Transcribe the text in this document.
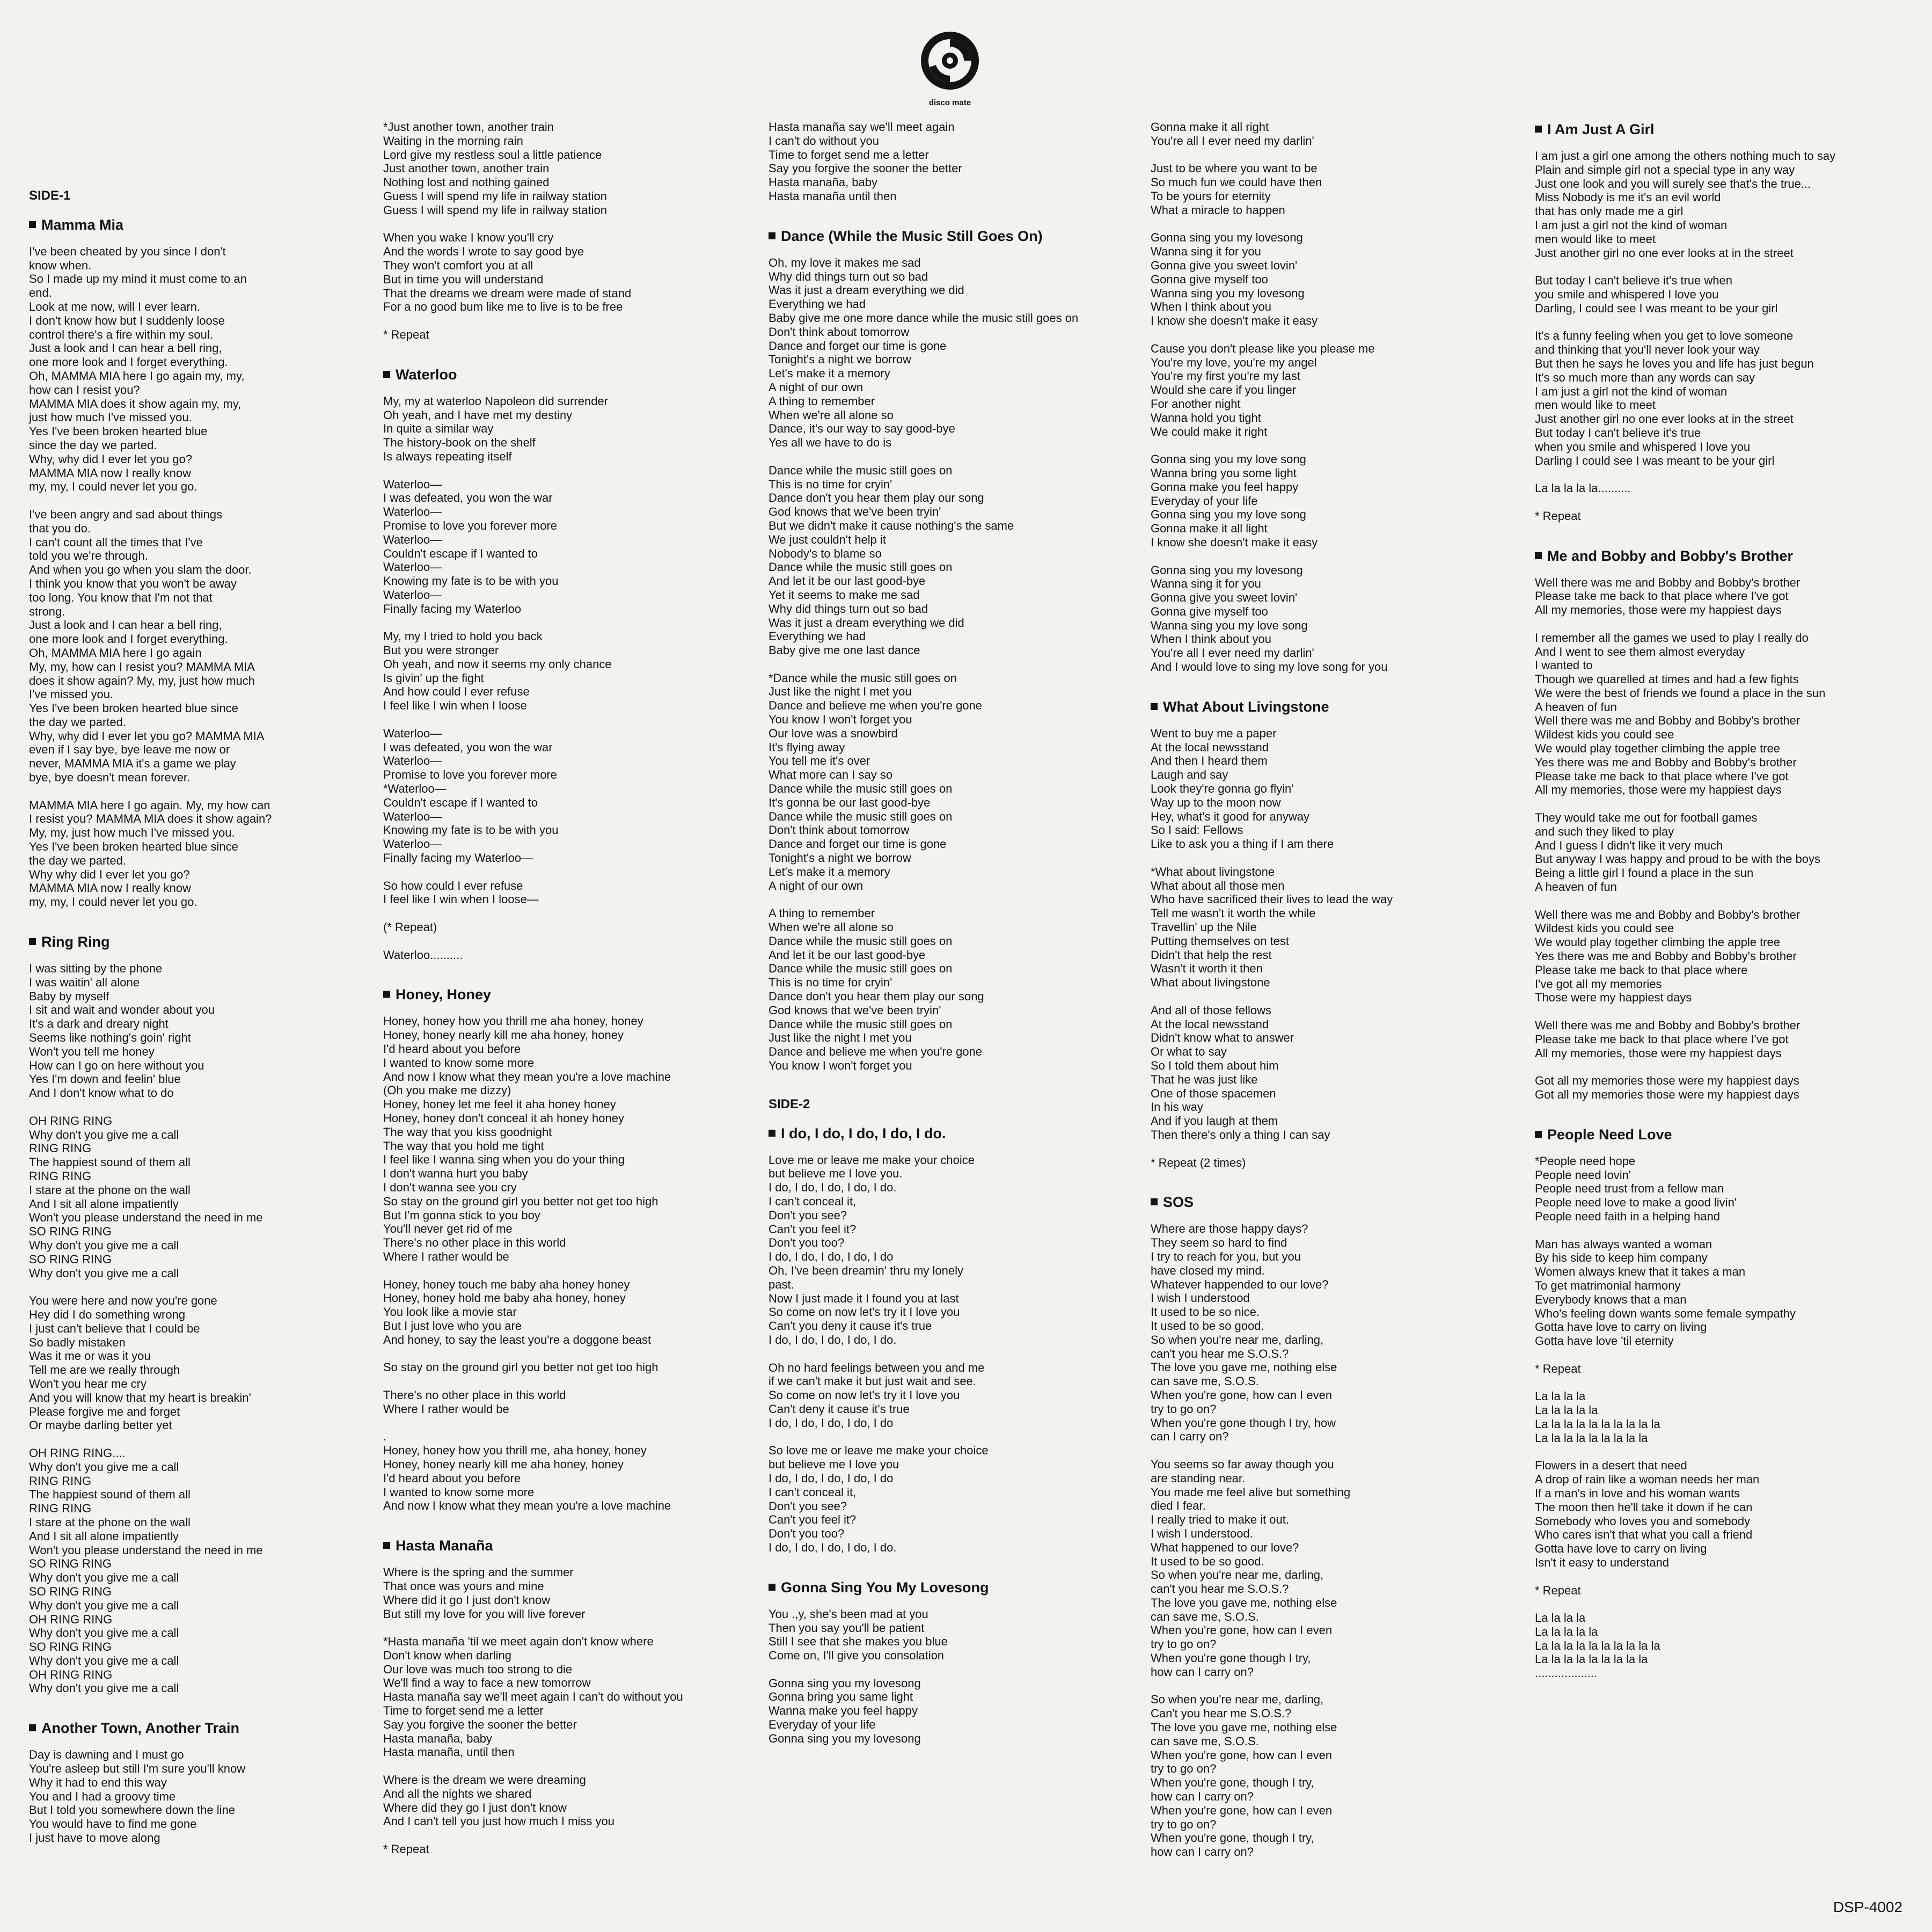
disco mate
SIDE-1
Mamma Mia
I've been cheated by you since I don't
know when.
So I made up my mind it must come to an
end.
Look at me now, will I ever learn.
I don't know how but I suddenly loose
control there's a fire within my soul.
Just a look and I can hear a bell ring,
one more look and I forget everything.
Oh, MAMMA MIA here I go again my, my,
how can I resist you?
MAMMA MIA does it show again my, my,
just how much I've missed you.
Yes I've been broken hearted blue
since the day we parted.
Why, why did I ever let you go?
MAMMA MIA now I really know
my, my, I could never let you go.
I've been angry and sad about things
that you do.
I can't count all the times that I've
told you we're through.
And when you go when you slam the door.
I think you know that you won't be away
too long. You know that I'm not that
strong.
Just a look and I can hear a bell ring,
one more look and I forget everything.
Oh, MAMMA MIA here I go again
My, my, how can I resist you? MAMMA MIA
does it show again? My, my, just how much
I've missed you.
Yes I've been broken hearted blue since
the day we parted.
Why, why did I ever let you go? MAMMA MIA
even if I say bye, bye leave me now or
never, MAMMA MIA it's a game we play
bye, bye doesn't mean forever.
MAMMA MIA here I go again. My, my how can
I resist you? MAMMA MIA does it show again?
My, my, just how much I've missed you.
Yes I've been broken hearted blue since
the day we parted.
Why why did I ever let you go?
MAMMA MIA now I really know
my, my, I could never let you go.
Ring Ring
I was sitting by the phone
I was waitin' all alone
Baby by myself
I sit and wait and wonder about you
It's a dark and dreary night
Seems like nothing's goin' right
Won't you tell me honey
How can I go on here without you
Yes I'm down and feelin' blue
And I don't know what to do
OH RING RING
Why don't you give me a call
RING RING
The happiest sound of them all
RING RING
I stare at the phone on the wall
And I sit all alone impatiently
Won't you please understand the need in me
SO RING RING
Why don't you give me a call
SO RING RING
Why don't you give me a call
You were here and now you're gone
Hey did I do something wrong
I just can't believe that I could be
So badly mistaken
Was it me or was it you
Tell me are we really through
Won't you hear me cry
And you will know that my heart is breakin'
Please forgive me and forget
Or maybe darling better yet
OH RING RING....
Why don't you give me a call
RING RING
The happiest sound of them all
RING RING
I stare at the phone on the wall
And I sit all alone impatiently
Won't you please understand the need in me
SO RING RING
Why don't you give me a call
SO RING RING
Why don't you give me a call
OH RING RING
Why don't you give me a call
SO RING RING
Why don't you give me a call
OH RING RING
Why don't you give me a call
Another Town, Another Train
Day is dawning and I must go
You're asleep but still I'm sure you'll know
Why it had to end this way
You and I had a groovy time
But I told you somewhere down the line
You would have to find me gone
I just have to move along
*Just another town, another train
Waiting in the morning rain
Lord give my restless soul a little patience
Just another town, another train
Nothing lost and nothing gained
Guess I will spend my life in railway station
Guess I will spend my life in railway station
When you wake I know you'll cry
And the words I wrote to say good bye
They won't comfort you at all
But in time you will understand
That the dreams we dream were made of stand
For a no good bum like me to live is to be free
* Repeat
Waterloo
My, my at waterloo Napoleon did surrender
Oh yeah, and I have met my destiny
In quite a similar way
The history-book on the shelf
Is always repeating itself
Waterloo—
I was defeated, you won the war
Waterloo—
Promise to love you forever more
Waterloo—
Couldn't escape if I wanted to
Waterloo—
Knowing my fate is to be with you
Waterloo—
Finally facing my Waterloo
My, my I tried to hold you back
But you were stronger
Oh yeah, and now it seems my only chance
Is givin' up the fight
And how could I ever refuse
I feel like I win when I loose
Waterloo—
I was defeated, you won the war
Waterloo—
Promise to love you forever more
*Waterloo—
Couldn't escape if I wanted to
Waterloo—
Knowing my fate is to be with you
Waterloo—
Finally facing my Waterloo—
So how could I ever refuse
I feel like I win when I loose—
(* Repeat)
Waterloo..........
Honey, Honey
Honey, honey how you thrill me aha honey, honey
Honey, honey nearly kill me aha honey, honey
I'd heard about you before
I wanted to know some more
And now I know what they mean you're a love machine
(Oh you make me dizzy)
Honey, honey let me feel it aha honey honey
Honey, honey don't conceal it ah honey honey
The way that you kiss goodnight
The way that you hold me tight
I feel like I wanna sing when you do your thing
I don't wanna hurt you baby
I don't wanna see you cry
So stay on the ground girl you better not get too high
But I'm gonna stick to you boy
You'll never get rid of me
There's no other place in this world
Where I rather would be
Honey, honey touch me baby aha honey honey
Honey, honey hold me baby aha honey, honey
You look like a movie star
But I just love who you are
And honey, to say the least you're a doggone beast
So stay on the ground girl you better not get too high
There's no other place in this world
Where I rather would be
.
Honey, honey how you thrill me, aha honey, honey
Honey, honey nearly kill me aha honey, honey
I'd heard about you before
I wanted to know some more
And now I know what they mean you're a love machine
Hasta Manaña
Where is the spring and the summer
That once was yours and mine
Where did it go I just don't know
But still my love for you will live forever
*Hasta manaña 'til we meet again don't know where
Don't know when darling
Our love was much too strong to die
We'll find a way to face a new tomorrow
Hasta manaña say we'll meet again I can't do without you
Time to forget send me a letter
Say you forgive the sooner the better
Hasta manaña, baby
Hasta manaña, until then
Where is the dream we were dreaming
And all the nights we shared
Where did they go I just don't know
And I can't tell you just how much I miss you
* Repeat
Hasta manaña say we'll meet again
I can't do without you
Time to forget send me a letter
Say you forgive the sooner the better
Hasta manaña, baby
Hasta manaña until then
Dance (While the Music Still Goes On)
Oh, my love it makes me sad
Why did things turn out so bad
Was it just a dream everything we did
Everything we had
Baby give me one more dance while the music still goes on
Don't think about tomorrow
Dance and forget our time is gone
Tonight's a night we borrow
Let's make it a memory
A night of our own
A thing to remember
When we're all alone so
Dance, it's our way to say good-bye
Yes all we have to do is
Dance while the music still goes on
This is no time for cryin'
Dance don't you hear them play our song
God knows that we've been tryin'
But we didn't make it cause nothing's the same
We just couldn't help it
Nobody's to blame so
Dance while the music still goes on
And let it be our last good-bye
Yet it seems to make me sad
Why did things turn out so bad
Was it just a dream everything we did
Everything we had
Baby give me one last dance
*Dance while the music still goes on
Just like the night I met you
Dance and believe me when you're gone
You know I won't forget you
Our love was a snowbird
It's flying away
You tell me it's over
What more can I say so
Dance while the music still goes on
It's gonna be our last good-bye
Dance while the music still goes on
Don't think about tomorrow
Dance and forget our time is gone
Tonight's a night we borrow
Let's make it a memory
A night of our own
A thing to remember
When we're all alone so
Dance while the music still goes on
And let it be our last good-bye
Dance while the music still goes on
This is no time for cryin'
Dance don't you hear them play our song
God knows that we've been tryin'
Dance while the music still goes on
Just like the night I met you
Dance and believe me when you're gone
You know I won't forget you
SIDE-2
I do, I do, I do, I do, I do.
Love me or leave me make your choice
but believe me I love you.
I do, I do, I do, I do, I do.
I can't conceal it,
Don't you see?
Can't you feel it?
Don't you too?
I do, I do, I do, I do, I do
Oh, I've been dreamin' thru my lonely
past.
Now I just made it I found you at last
So come on now let's try it I love you
Can't you deny it cause it's true
I do, I do, I do, I do, I do.
Oh no hard feelings between you and me
if we can't make it but just wait and see.
So come on now let's try it I love you
Can't deny it cause it's true
I do, I do, I do, I do, I do
So love me or leave me make your choice
but believe me I love you
I do, I do, I do, I do, I do
I can't conceal it,
Don't you see?
Can't you feel it?
Don't you too?
I do, I do, I do, I do, I do.
Gonna Sing You My Lovesong
You .,y, she's been mad at you
Then you say you'll be patient
Still I see that she makes you blue
Come on, I'll give you consolation
Gonna sing you my lovesong
Gonna bring you same light
Wanna make you feel happy
Everyday of your life
Gonna sing you my lovesong
Gonna make it all right
You're all I ever need my darlin'
Just to be where you want to be
So much fun we could have then
To be yours for eternity
What a miracle to happen
Gonna sing you my lovesong
Wanna sing it for you
Gonna give you sweet lovin'
Gonna give myself too
Wanna sing you my lovesong
When I think about you
I know she doesn't make it easy
Cause you don't please like you please me
You're my love, you're my angel
You're my first you're my last
Would she care if you linger
For another night
Wanna hold you tight
We could make it right
Gonna sing you my love song
Wanna bring you some light
Gonna make you feel happy
Everyday of your life
Gonna sing you my love song
Gonna make it all light
I know she doesn't make it easy
Gonna sing you my lovesong
Wanna sing it for you
Gonna give you sweet lovin'
Gonna give myself too
Wanna sing you my love song
When I think about you
You're all I ever need my darlin'
And I would love to sing my love song for you
What About Livingstone
Went to buy me a paper
At the local newsstand
And then I heard them
Laugh and say
Look they're gonna go flyin'
Way up to the moon now
Hey, what's it good for anyway
So I said: Fellows
Like to ask you a thing if I am there
*What about livingstone
What about all those men
Who have sacrificed their lives to lead the way
Tell me wasn't it worth the while
Travellin' up the Nile
Putting themselves on test
Didn't that help the rest
Wasn't it worth it then
What about livingstone
And all of those fellows
At the local newsstand
Didn't know what to answer
Or what to say
So I told them about him
That he was just like
One of those spacemen
In his way
And if you laugh at them
Then there's only a thing I can say
* Repeat (2 times)
SOS
Where are those happy days?
They seem so hard to find
I try to reach for you, but you
have closed my mind.
Whatever happended to our love?
I wish I understood
It used to be so nice.
It used to be so good.
So when you're near me, darling,
can't you hear me S.O.S.?
The love you gave me, nothing else
can save me, S.O.S.
When you're gone, how can I even
try to go on?
When you're gone though I try, how
can I carry on?
You seems so far away though you
are standing near.
You made me feel alive but something
died I fear.
I really tried to make it out.
I wish I understood.
What happened to our love?
It used to be so good.
So when you're near me, darling,
can't you hear me S.O.S.?
The love you gave me, nothing else
can save me, S.O.S.
When you're gone, how can I even
try to go on?
When you're gone though I try,
how can I carry on?
So when you're near me, darling,
Can't you hear me S.O.S.?
The love you gave me, nothing else
can save me, S.O.S.
When you're gone, how can I even
try to go on?
When you're gone, though I try,
how can I carry on?
When you're gone, how can I even
try to go on?
When you're gone, though I try,
how can I carry on?
I Am Just A Girl
I am just a girl one among the others nothing much to say
Plain and simple girl not a special type in any way
Just one look and you will surely see that's the true...
Miss Nobody is me it's an evil world
that has only made me a girl
I am just a girl not the kind of woman
men would like to meet
Just another girl no one ever looks at in the street
But today I can't believe it's true when
you smile and whispered I love you
Darling, I could see I was meant to be your girl
It's a funny feeling when you get to love someone
and thinking that you'll never look your way
But then he says he loves you and life has just begun
It's so much more than any words can say
I am just a girl not the kind of woman
men would like to meet
Just another girl no one ever looks at in the street
But today I can't believe it's true
when you smile and whispered I love you
Darling I could see I was meant to be your girl
La la la la la..........
* Repeat
Me and Bobby and Bobby's Brother
Well there was me and Bobby and Bobby's brother
Please take me back to that place where I've got
All my memories, those were my happiest days
I remember all the games we used to play I really do
And I went to see them almost everyday
I wanted to
Though we quarelled at times and had a few fights
We were the best of friends we found a place in the sun
A heaven of fun
Well there was me and Bobby and Bobby's brother
Wildest kids you could see
We would play together climbing the apple tree
Yes there was me and Bobby and Bobby's brother
Please take me back to that place where I've got
All my memories, those were my happiest days
They would take me out for football games
and such they liked to play
And I guess I didn't like it very much
But anyway I was happy and proud to be with the boys
Being a little girl I found a place in the sun
A heaven of fun
Well there was me and Bobby and Bobby's brother
Wildest kids you could see
We would play together climbing the apple tree
Yes there was me and Bobby and Bobby's brother
Please take me back to that place where
I've got all my memories
Those were my happiest days
Well there was me and Bobby and Bobby's brother
Please take me back to that place where I've got
All my memories, those were my happiest days
Got all my memories those were my happiest days
Got all my memories those were my happiest days
People Need Love
*People need hope
People need lovin'
People need trust from a fellow man
People need love to make a good livin'
People need faith in a helping hand
Man has always wanted a woman
By his side to keep him company
Women always knew that it takes a man
To get matrimonial harmony
Everybody knows that a man
Who's feeling down wants some female sympathy
Gotta have love to carry on living
Gotta have love 'til eternity
* Repeat
La la la la
La la la la la
La la la la la la la la la la
La la la la la la la la la
Flowers in a desert that need
A drop of rain like a woman needs her man
If a man's in love and his woman wants
The moon then he'll take it down if he can
Somebody who loves you and somebody
Who cares isn't that what you call a friend
Gotta have love to carry on living
Isn't it easy to understand
* Repeat
La la la la
La la la la la
La la la la la la la la la la
La la la la la la la la la
...................
DSP-4002
